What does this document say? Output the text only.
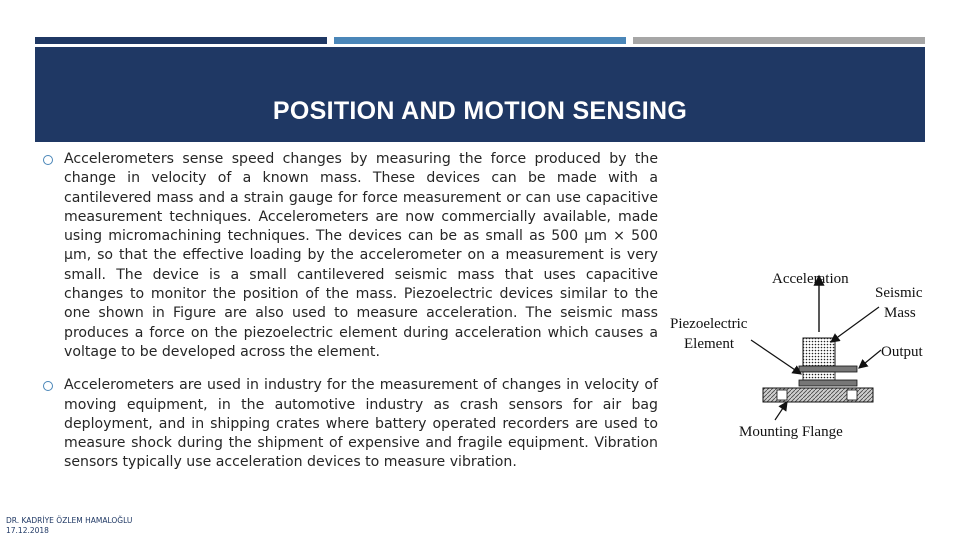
POSITION AND MOTION SENSING

Accelerometers sense speed changes by measuring the force produced by the change in velocity of a known mass. These devices can be made with a cantilevered mass and a strain gauge for force measurement or can use capacitive measurement techniques. Accelerometers are now commercially available, made using micromachining techniques. The devices can be as small as 500 μm × 500 μm, so that the effective loading by the accelerometer on a measurement is very small. The device is a small cantilevered seismic mass that uses capacitive changes to monitor the position of the mass. Piezoelectric devices similar to the one shown in Figure are also used to measure acceleration. The seismic mass produces a force on the piezoelectric element during acceleration which causes a voltage to be developed across the element.

Accelerometers are used in industry for the measurement of changes in velocity of moving equipment, in the automotive industry as crash sensors for air bag deployment, and in shipping crates where battery operated recorders are used to measure shock during the shipment of expensive and fragile equipment. Vibration sensors typically use acceleration devices to measure vibration.

Acceleration
Seismic
Mass
Piezoelectric
Element	Output
Mounting Flange
DR. KADRİYE ÖZLEM HAMALOĞLU
17.12.2018
